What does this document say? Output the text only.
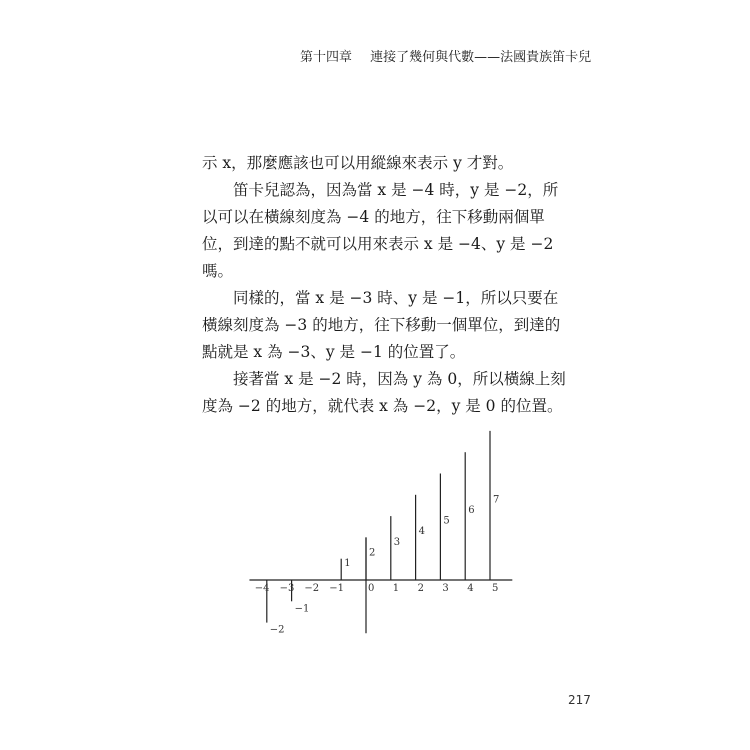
第十四章 連接了幾何與代數——法國貴族笛卡兒

示 x，那麼應該也可以用縱線來表示 y 才對。

笛卡兒認為，因為當 x 是 −4 時，y 是 −2，所以可以在橫線刻度為 −4 的地方，往下移動兩個單位，到達的點不就可以用來表示 x 是 −4、y 是 −2 嗎。

同樣的，當 x 是 −3 時、y 是 −1，所以只要在橫線刻度為 −3 的地方，往下移動一個單位，到達的點就是 x 為 −3、y 是 −1 的位置了。

接著當 x 是 −2 時，因為 y 為 0，所以橫線上刻度為 −2 的地方，就代表 x 為 −2，y 是 0 的位置。

−2
−1
1
2
3
4
5
6
7
−4 −3 −2 −1 0 1 2 3 4 5
217
